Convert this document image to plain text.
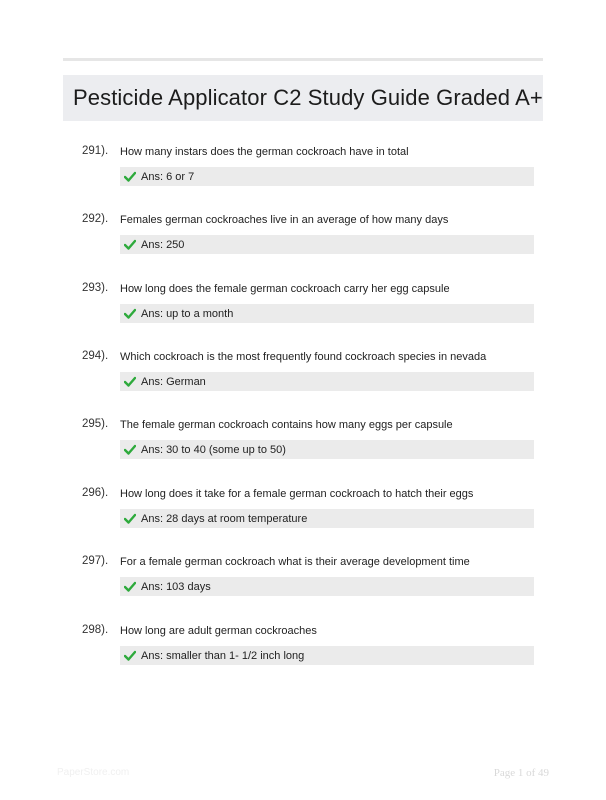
Pesticide Applicator C2 Study Guide Graded A+
291). How many instars does the german cockroach have in total
Ans: 6 or 7
292). Females german cockroaches live in an average of how many days
Ans: 250
293). How long does the female german cockroach carry her egg capsule
Ans: up to a month
294). Which cockroach is the most frequently found cockroach species in nevada
Ans: German
295). The female german cockroach contains how many eggs per capsule
Ans: 30 to 40 (some up to 50)
296). How long does it take for a female german cockroach to hatch their eggs
Ans: 28 days at room temperature
297). For a female german cockroach what is their average development time
Ans: 103 days
298). How long are adult german cockroaches
Ans: smaller than 1- 1/2 inch long
PaperStore.com	Page 1 of 49
